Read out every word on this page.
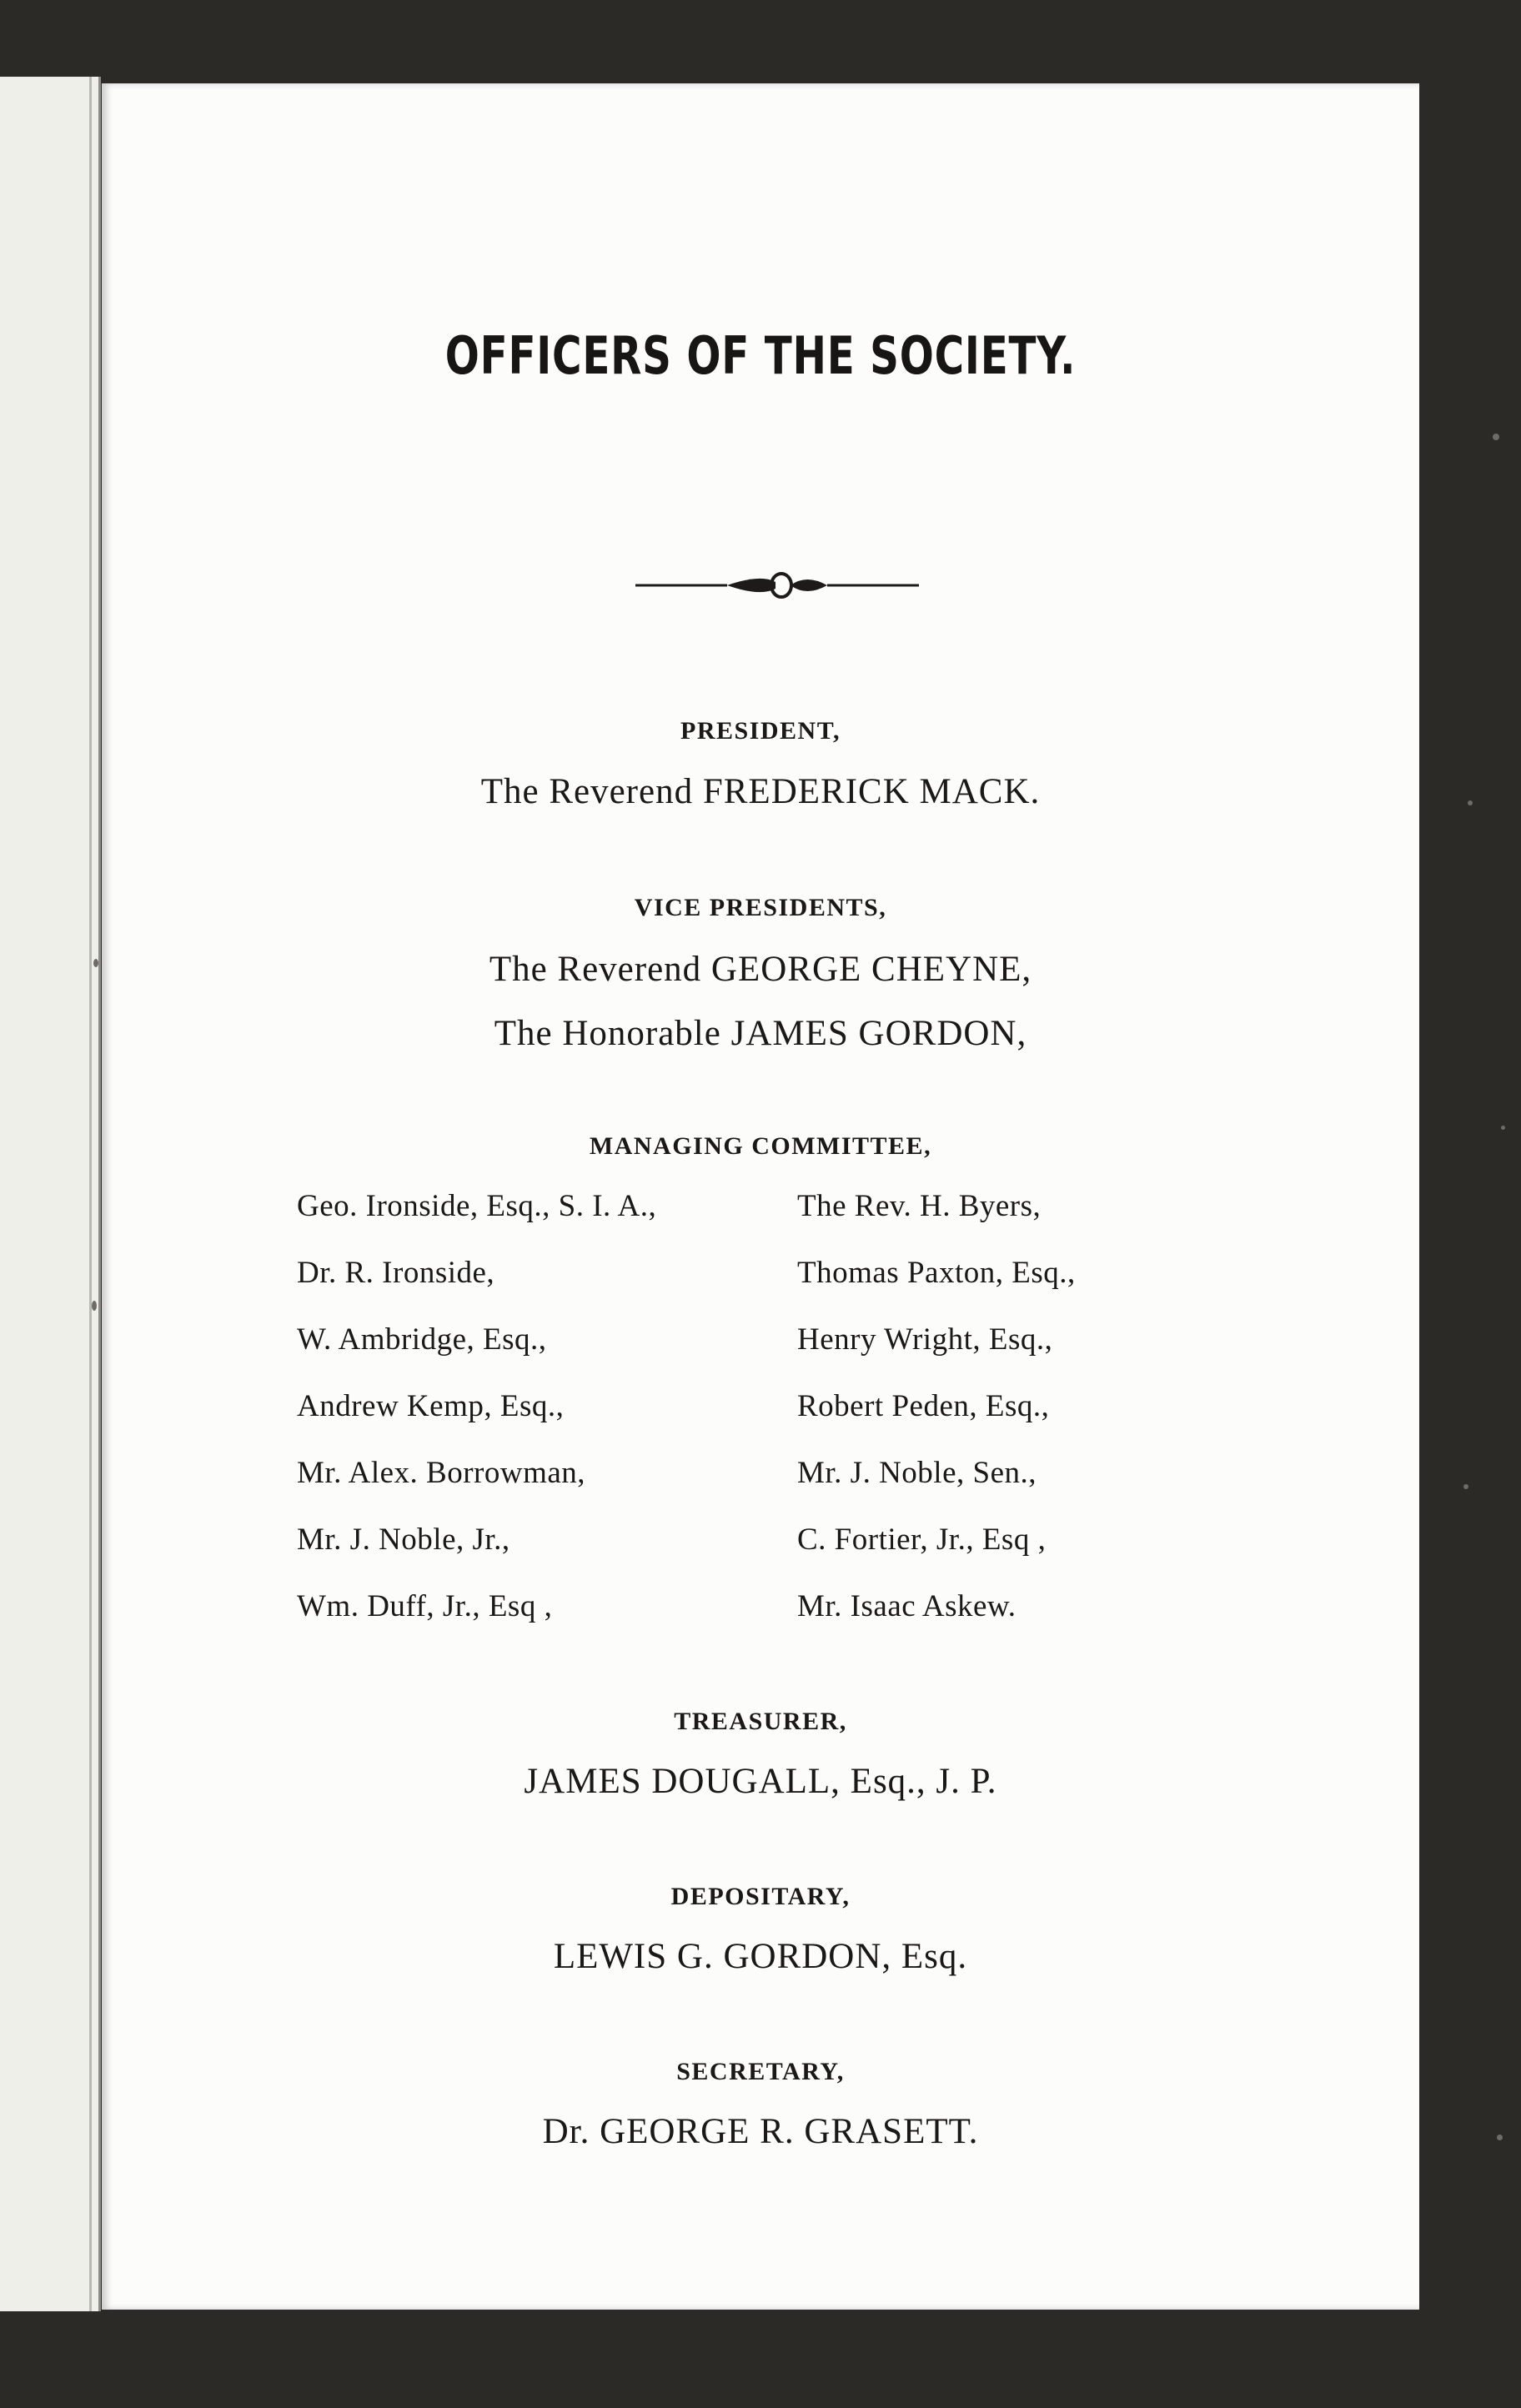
OFFICERS OF THE SOCIETY.
PRESIDENT,
The Reverend FREDERICK MACK.
VICE PRESIDENTS,
The Reverend GEORGE CHEYNE,
The Honorable JAMES GORDON,
MANAGING COMMITTEE,
Geo. Ironside, Esq., S. I. A.,	The Rev. H. Byers,
Dr. R. Ironside,	Thomas Paxton, Esq.,
W. Ambridge, Esq.,	Henry Wright, Esq.,
Andrew Kemp, Esq.,	Robert Peden, Esq.,
Mr. Alex. Borrowman,	Mr. J. Noble, Sen.,
Mr. J. Noble, Jr.,	C. Fortier, Jr., Esq ,
Wm. Duff, Jr., Esq ,	Mr. Isaac Askew.
TREASURER,
JAMES DOUGALL, Esq., J. P.
DEPOSITARY,
LEWIS G. GORDON, Esq.
SECRETARY,
Dr. GEORGE R. GRASETT.
